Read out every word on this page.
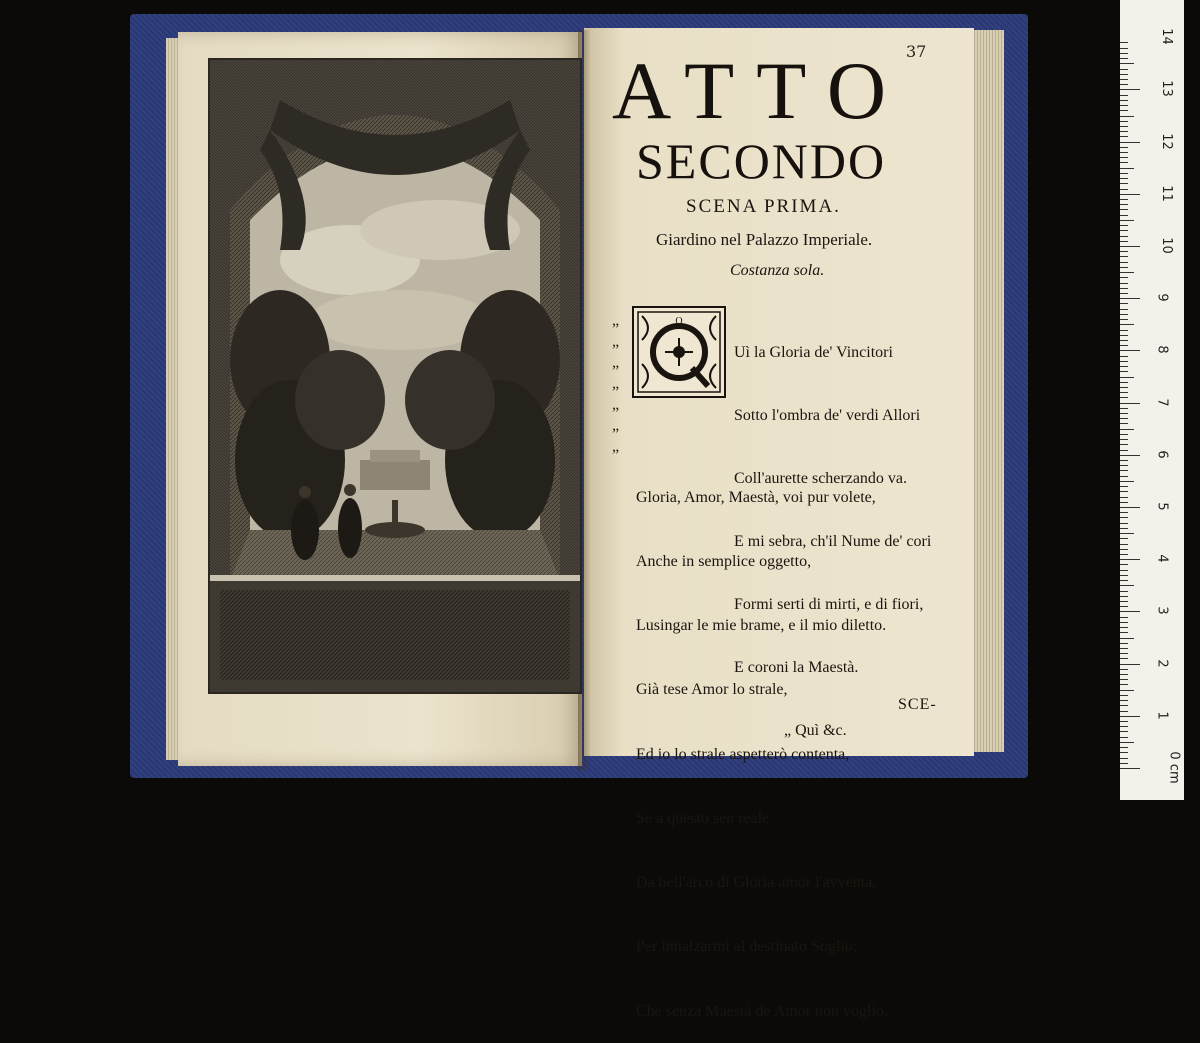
37
ATTO
SECONDO
SCENA PRIMA.
Giardino nel Palazzo Imperiale.
Costanza sola.
„
„
„
„
„
„
„
Q

Uì la Gloria de' Vincitori

Sotto l'ombra de' verdi Allori

Coll'aurette scherzando va.

E mi sebra, ch'il Nume de' cori

Formi serti di mirti, e di fiori,

E coroni la Maestà.

„ Quì &c.

Gloria, Amor, Maestà, voi pur volete,

Anche in semplice oggetto,

Lusingar le mie brame, e il mio diletto.

Già tese Amor lo strale,

Ed io lo strale aspetterò contenta,

Se a questo sen reale

Da bell'arco di Gloria amor l'avventa,

Per innalzarmi al destinato Soglio;

Che senza Maestà de Amor non voglio.

SCE-
0 cm
1
2
3
4
5
6
7
8
9
10
11
12
13
14
